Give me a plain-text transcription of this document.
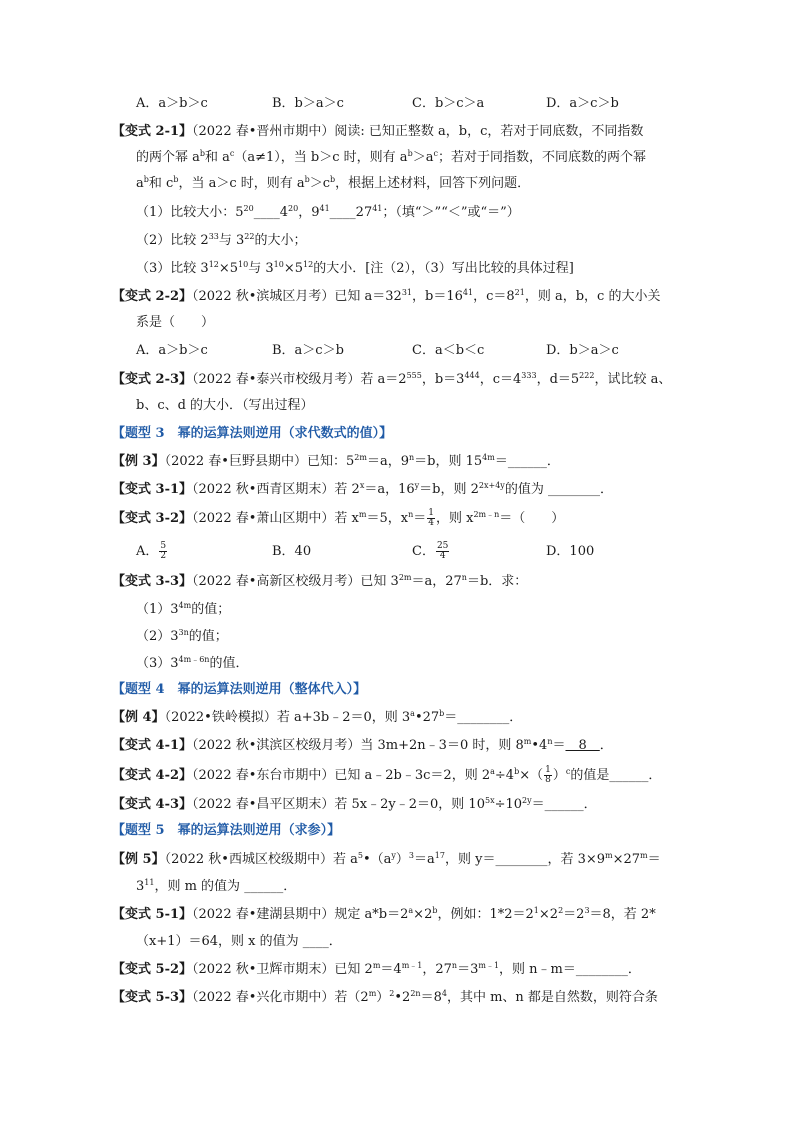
A．a＞b＞c	B．b＞a＞c	C．b＞c＞a	D．a＞c＞b
【变式 2-1】（2022 春•晋州市期中）阅读: 已知正整数 a，b，c，若对于同底数，不同指数
的两个幂 $a^b$和 $a^c(a\ne 1)$，当 b＞c 时，则有 $a^b>a^c$；若对于同指数，不同底数的两个幂
$a^b$和 $c^b$，当 a＞c 时，则有 $a^b>c^b$，根据上述材料，回答下列问题．
（1）比较大小：$5^{20}\_\_\_\_4^{20}$，$9^{41}\_\_\_\_27^{41}$；（填“＞”“＜”或“＝”）
（2）比较 $2^{33}$与 $3^{22}$的大小；
（3）比较 $3^{12}\times 5^{10}$与 $3^{10}\times 5^{12}$的大小．[注（2），（3）写出比较的具体过程]
【变式 2-2】（2022 秋•滨城区月考）已知 $a=32^{31}$，$b=16^{41}$，$c=8^{21}$，则 a，b，c 的大小关
系是（　　）
A．a＞b＞c	B．a＞c＞b	C．a＜b＜c	D．b＞a＞c
【变式 2-3】（2022 春•泰兴市校级月考）若 $a=2^{555}$，$b=3^{444}$，$c=4^{333}$，$d=5^{222}$，试比较 a、
b、c、d 的大小．（写出过程）
【题型 3　幂的运算法则逆用（求代数式的值）】
【例 3】（2022 春•巨野县期中）已知：$5^{2m}=a$，$9^n=b$，则 $15^{4m}=\_\_\_\_\_\_$．
【变式 3-1】（2022 秋•西青区期末）若 $2^x=a$，$16^y=b$，则 $2^{2x+4y}$的值为 ________．
【变式 3-2】（2022 春•萧山区期中）若 $x^m=5$，$x^n= \frac{1}{4}$ ，则 $x^{2m﹣n}=$（　　）
A． $\frac{5}{2}$	B．40	C． $\frac{25}{4}$	D．100
【变式 3-3】（2022 春•高新区校级月考）已知 $3^{2m}=a$，$27^n=b$．求：
$(1)3^{4m}$的值；
$(2)3^{3n}$的值；
$(3)3^{4m﹣6n}$的值．
【题型 4　幂的运算法则逆用（整体代入）】
【例 4】（2022•铁岭模拟）若 a+3b﹣2＝0，则 $3^a•27^b=\_\_\_\_\_\_\_\_$．
【变式 4-1】（2022 秋•淇滨区校级月考）当 3m+2n﹣3＝0 时，则 $8^m•4^n=$　8　．
【变式 4-2】（2022 春•东台市期中）已知 a﹣2b﹣3c＝2，则 $2^a\div 4^b\times( \frac{1}{8} )^c$的值是______．
【变式 4-3】（2022 春•昌平区期末）若 5x﹣2y﹣2＝0，则 $10^{5x}\div 10^{2y}=\_\_\_\_\_\_$．
【题型 5　幂的运算法则逆用（求参）】
【例 5】（2022 秋•西城区校级期中）若 $a^5•(a^y)^3=a^{17}$，则 y＝________，若 $3\times 9^m\times 27^m=$
$3^{11}$，则 m 的值为 ______．
【变式 5-1】（2022 春•建湖县期中）规定 $a*b=2^a\times 2^b$，例如：$1*2=2^1\times 2^2=2^3=8$，若 2*
（x+1）＝64，则 x 的值为 ____．
【变式 5-2】（2022 秋•卫辉市期末）已知 $2^m=4^{m﹣1}$，$27^n=3^{m﹣1}$，则 n﹣m＝________．
【变式 5-3】（2022 春•兴化市期中）若$(2^m)^2•2^{2n}=8^4$，其中 m、n 都是自然数，则符合条
